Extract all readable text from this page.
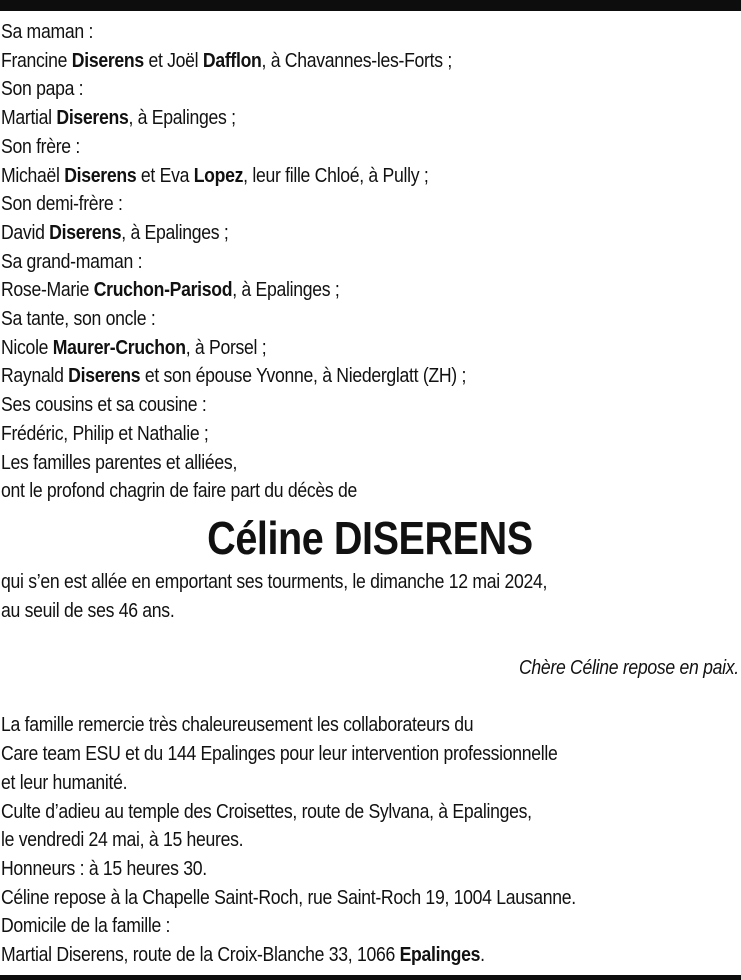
Sa maman :
Francine Diserens et Joël Dafflon, à Chavannes-les-Forts ;
Son papa :
Martial Diserens, à Epalinges ;
Son frère :
Michaël Diserens et Eva Lopez, leur fille Chloé, à Pully ;
Son demi-frère :
David Diserens, à Epalinges ;
Sa grand-maman :
Rose-Marie Cruchon-Parisod, à Epalinges ;
Sa tante, son oncle :
Nicole Maurer-Cruchon, à Porsel ;
Raynald Diserens et son épouse Yvonne, à Niederglatt (ZH) ;
Ses cousins et sa cousine :
Frédéric, Philip et Nathalie ;
Les familles parentes et alliées,
ont le profond chagrin de faire part du décès de
Céline DISERENS
qui s’en est allée en emportant ses tourments, le dimanche 12 mai 2024,
au seuil de ses 46 ans.
Chère Céline repose en paix.
La famille remercie très chaleureusement les collaborateurs du
Care team ESU et du 144 Epalinges pour leur intervention professionnelle
et leur humanité.
Culte d’adieu au temple des Croisettes, route de Sylvana, à Epalinges,
le vendredi 24 mai, à 15 heures.
Honneurs : à 15 heures 30.
Céline repose à la Chapelle Saint-Roch, rue Saint-Roch 19, 1004 Lausanne.
Domicile de la famille :
Martial Diserens, route de la Croix-Blanche 33, 1066 Epalinges.
